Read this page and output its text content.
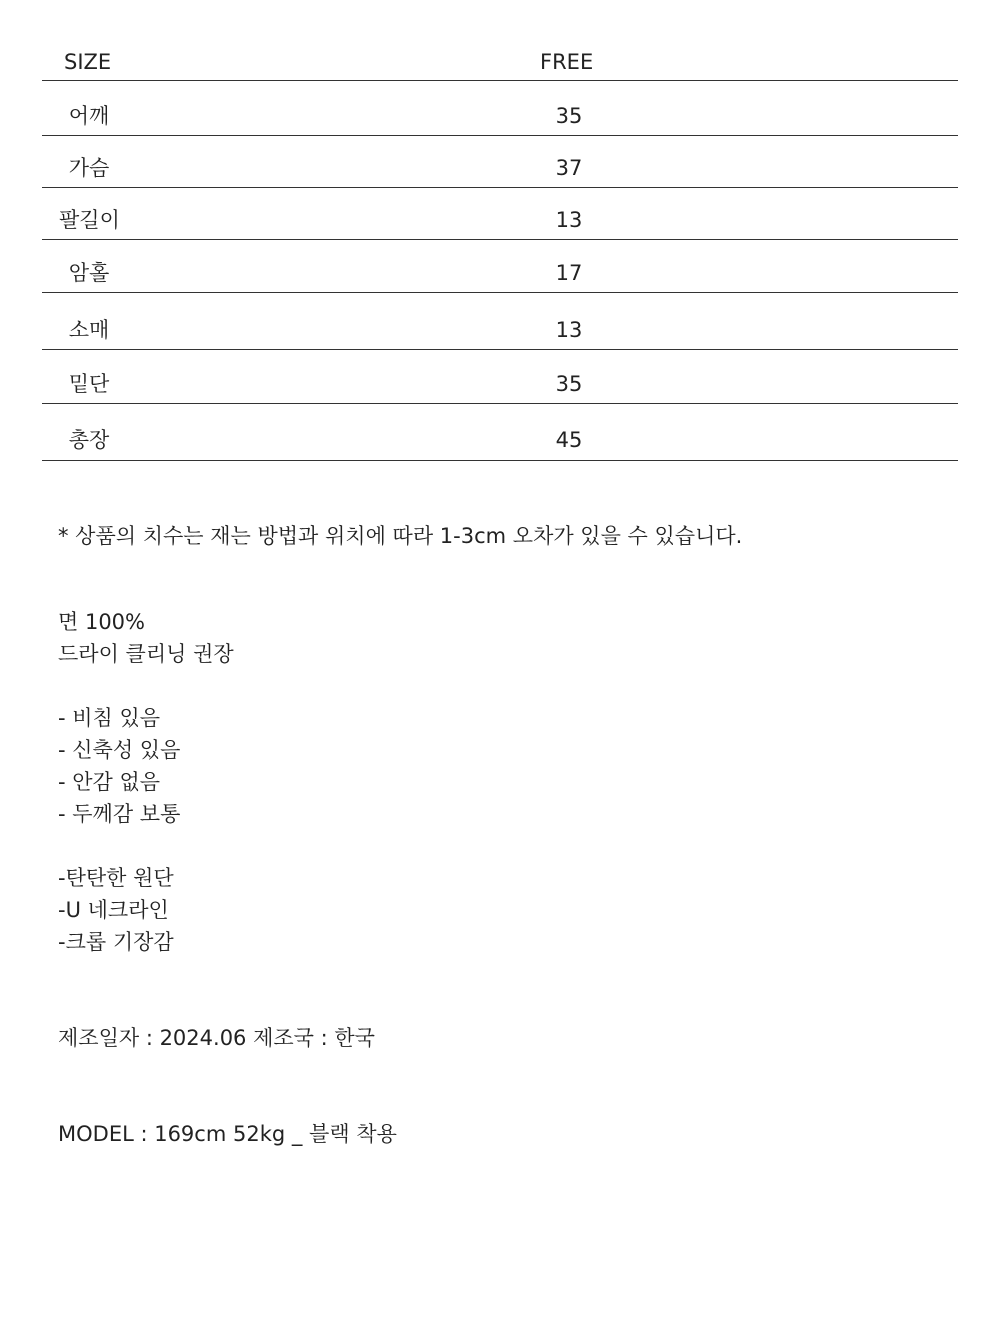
SIZE	FREE
어깨	35
가슴	37
팔길이	13
암홀	17
소매	13
밑단	35
총장	45
* 상품의 치수는 재는 방법과 위치에 따라 1-3cm 오차가 있을 수 있습니다.
면 100%
드라이 클리닝 권장
- 비침 있음
- 신축성 있음
- 안감 없음
- 두께감 보통
-탄탄한 원단
-U 네크라인
-크롭 기장감
제조일자 : 2024.06 제조국 : 한국
MODEL : 169cm 52kg _ 블랙 착용
